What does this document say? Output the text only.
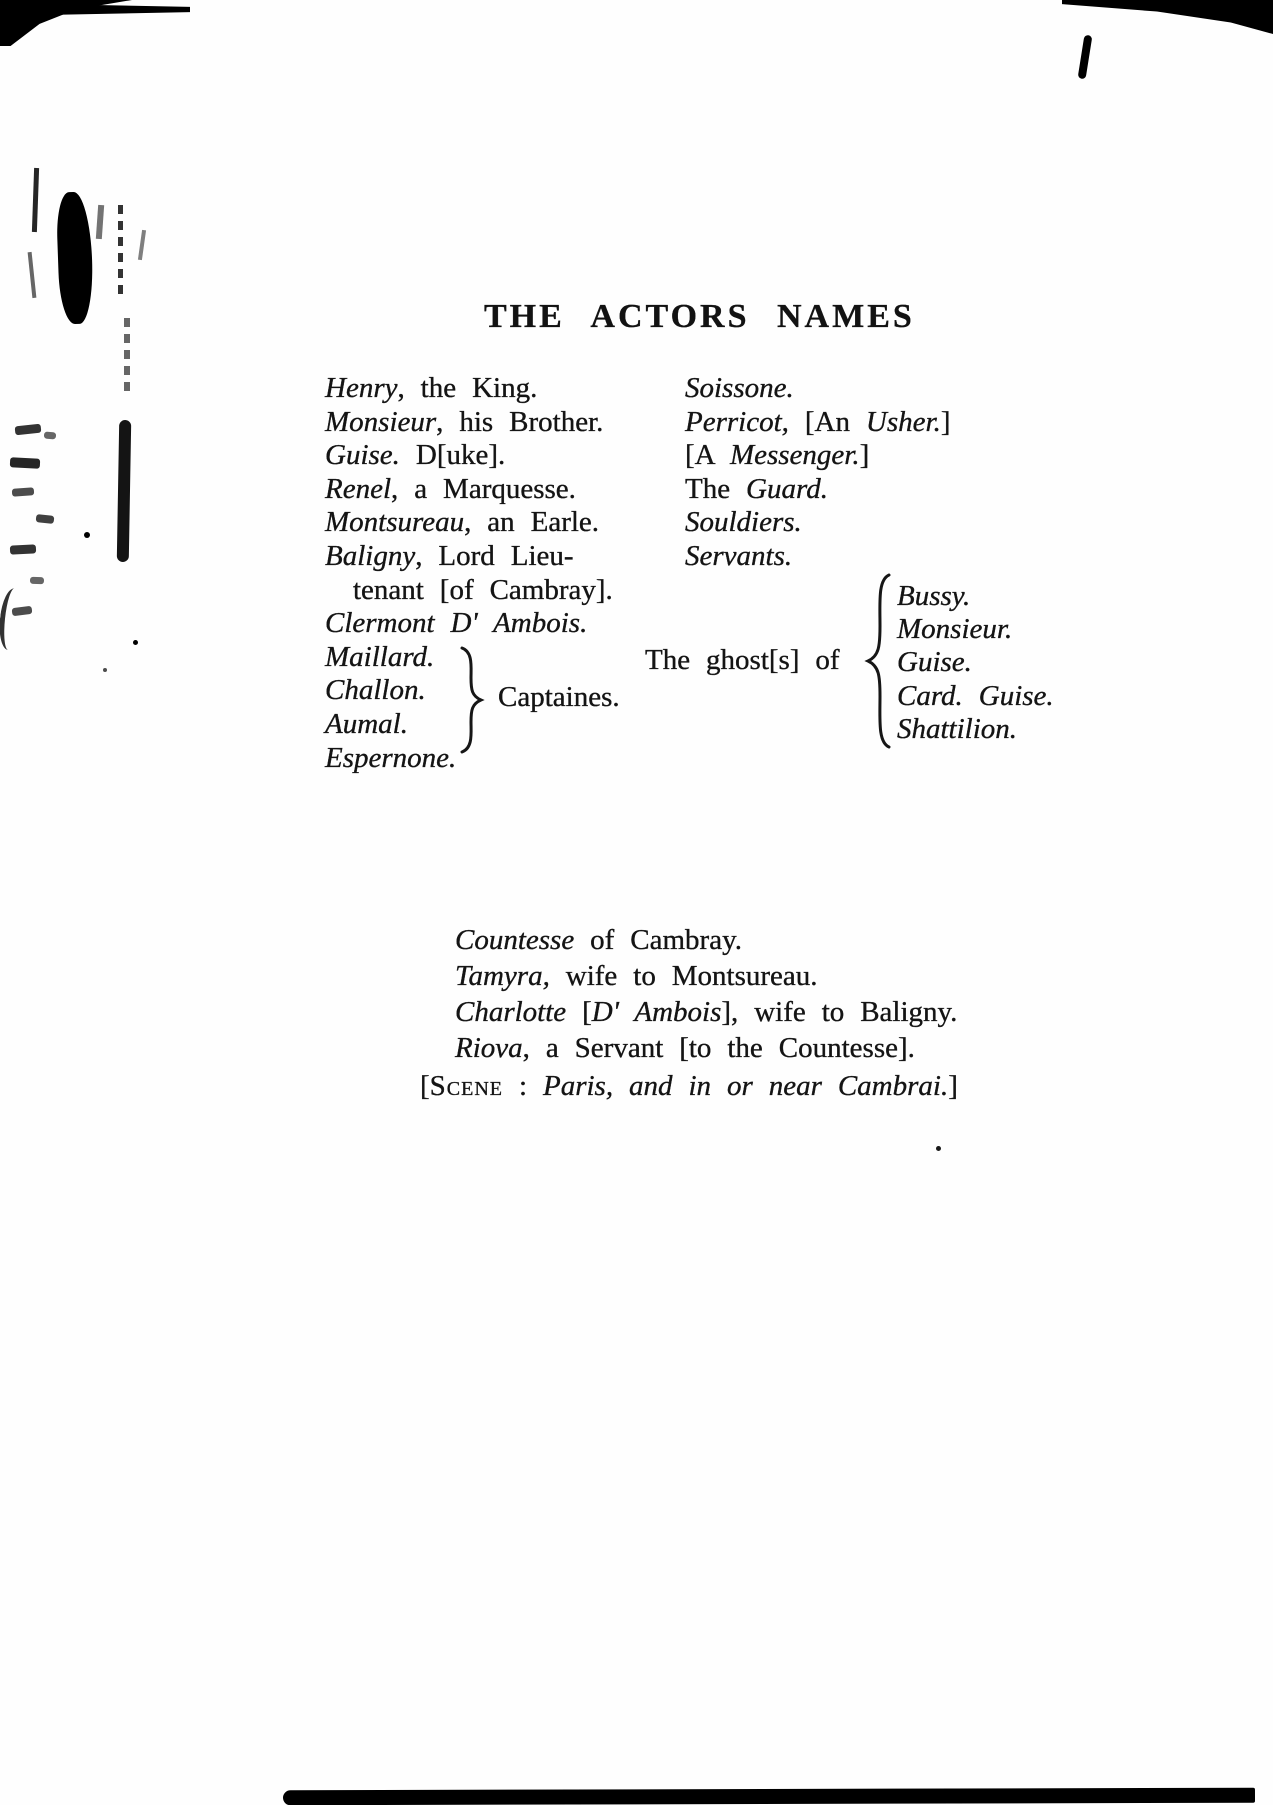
THE ACTORS NAMES
Henry, the King.
Monsieur, his Brother.
Guise. D[uke].
Renel, a Marquesse.
Montsureau, an Earle.
Baligny, Lord Lieu-
tenant [of Cambray].
Clermont D' Ambois.
Maillard.
Challon.
Aumal.
Espernone.
Captaines.
Soissone.
Perricot, [An Usher.]
[A Messenger.]
The Guard.
Souldiers.
Servants.
The ghost[s] of
Bussy.
Monsieur.
Guise.
Card. Guise.
Shattilion.
Countesse of Cambray.
Tamyra, wife to Montsureau.
Charlotte [D' Ambois], wife to Baligny.
Riova, a Servant [to the Countesse].
[Scene : Paris, and in or near Cambrai.]
